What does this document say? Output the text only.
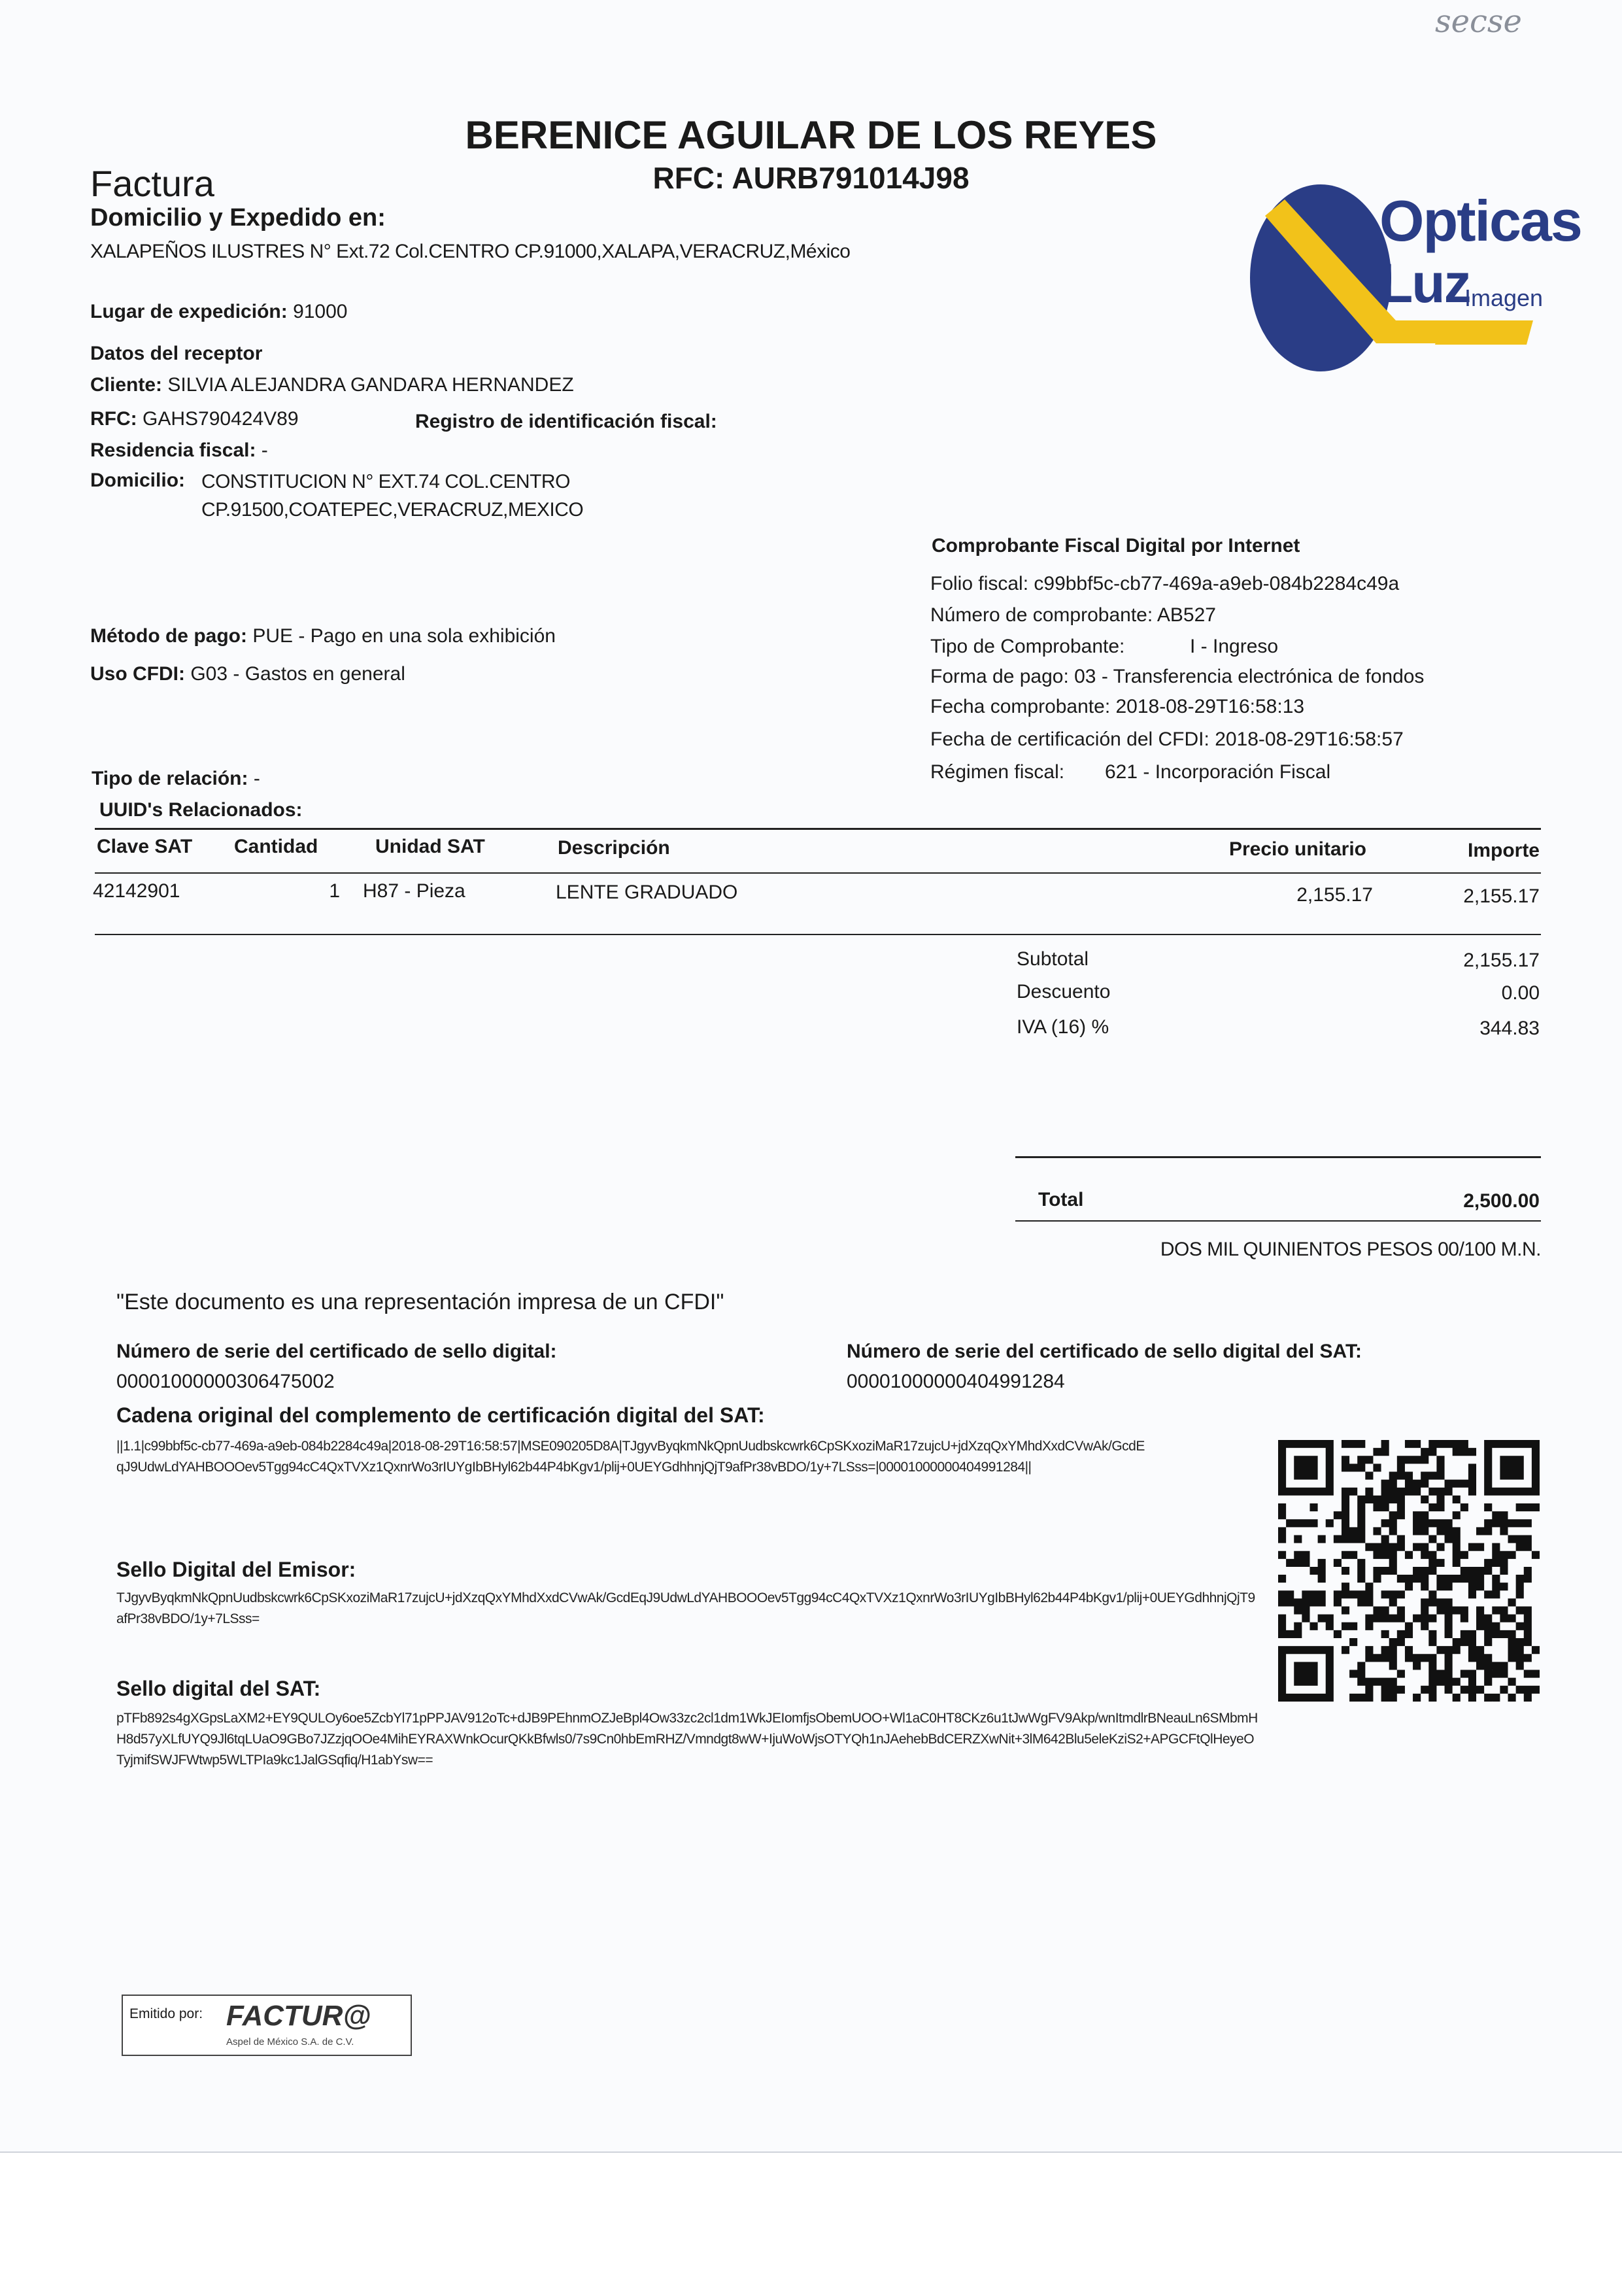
secse
BERENICE AGUILAR DE LOS REYES
RFC: AURB791014J98
Factura
Domicilio y Expedido en:
XALAPEÑOS ILUSTRES N° Ext.72 Col.CENTRO CP.91000,XALAPA,VERACRUZ,México
Lugar de expedición: 91000
Opticas
Luz
Imagen
Datos del receptor
Cliente: SILVIA ALEJANDRA GANDARA HERNANDEZ
RFC: GAHS790424V89	Registro de identificación fiscal:
Residencia fiscal: -
Domicilio: CONSTITUCION N° EXT.74 COL.CENTRO
CP.91500,COATEPEC,VERACRUZ,MEXICO
Comprobante Fiscal Digital por Internet
Folio fiscal: c99bbf5c-cb77-469a-a9eb-084b2284c49a
Número de comprobante: AB527
Tipo de Comprobante:	I - Ingreso
Forma de pago: 03 - Transferencia electrónica de fondos
Fecha comprobante: 2018-08-29T16:58:13
Fecha de certificación del CFDI: 2018-08-29T16:58:57
Régimen fiscal: 621 - Incorporación Fiscal
Método de pago: PUE - Pago en una sola exhibición
Uso CFDI: G03 - Gastos en general
Tipo de relación: -
UUID's Relacionados:
Clave SAT Cantidad	Unidad SAT	Descripción	Precio unitario	Importe
42142901	1 H87 - Pieza	LENTE GRADUADO	2,155.17	2,155.17
Subtotal	2,155.17
Descuento	0.00
IVA (16) %	344.83
Total	2,500.00
DOS MIL QUINIENTOS PESOS 00/100 M.N.
"Este documento es una representación impresa de un CFDI"
Número de serie del certificado de sello digital:
00001000000306475002
Número de serie del certificado de sello digital del SAT:
00001000000404991284
Cadena original del complemento de certificación digital del SAT:
||1.1|c99bbf5c-cb77-469a-a9eb-084b2284c49a|2018-08-29T16:58:57|MSE090205D8A|TJgyvByqkmNkQpnUudbskcwrk6CpSKxoziMaR17zujcU+jdXzqQxYMhdXxdCVwAk/GcdEqJ9UdwLdYAHBOOOev5Tgg94cC4QxTVXz1QxnrWo3rIUYgIbBHyl62b44P4bKgv1/plij+0UEYGdhhnjQjT9afPr38vBDO/1y+7LSss=|00001000000404991284||
Sello Digital del Emisor:
TJgyvByqkmNkQpnUudbskcwrk6CpSKxoziMaR17zujcU+jdXzqQxYMhdXxdCVwAk/GcdEqJ9UdwLdYAHBOOOev5Tgg94cC4QxTVXz1QxnrWo3rIUYgIbBHyl62b44P4bKgv1/plij+0UEYGdhhnjQjT9afPr38vBDO/1y+7LSss=
Sello digital del SAT:
pTFb892s4gXGpsLaXM2+EY9QULOy6oe5ZcbYl71pPPJAV912oTc+dJB9PEhnmOZJeBpl4Ow33zc2cl1dm1WkJEIomfjsObemUOO+Wl1aC0HT8CKz6u1tJwWgFV9Akp/wnItmdlrBNeauLn6SMbmHH8d57yXLfUYQ9Jl6tqLUaO9GBo7JZzjqOOe4MihEYRAXWnkOcurQKkBfwls0/7s9Cn0hbEmRHZ/Vmndgt8wW+IjuWoWjsOTYQh1nJAehebBdCERZXwNit+3lM642Blu5eleKziS2+APGCFtQlHeyeOTyjmifSWJFWtwp5WLTPIa9kc1JalGSqfiq/H1abYsw==
Emitido por: FACTUR@
Aspel de México S.A. de C.V.
